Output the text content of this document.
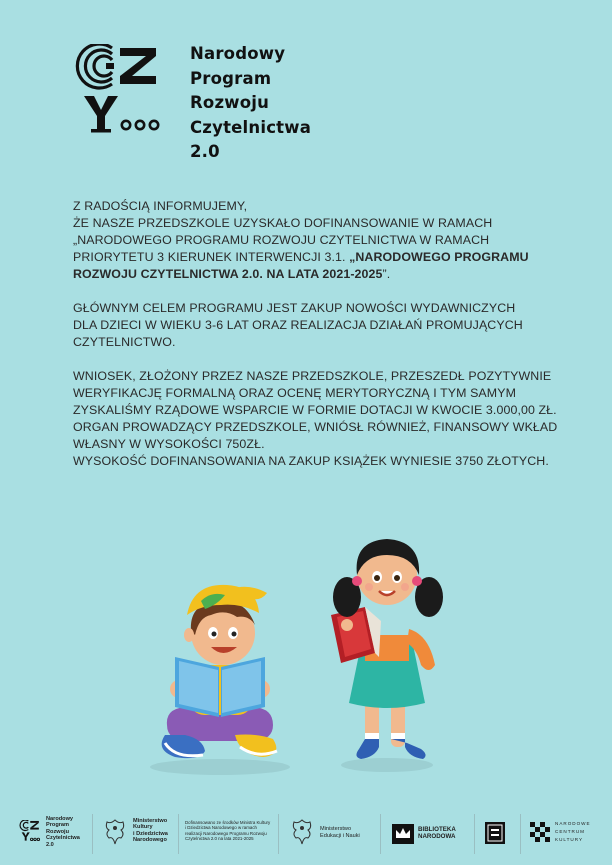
Narodowy
Program
Rozwoju
Czytelnictwa
2.0

Z RADOŚCIĄ INFORMUJEMY,
ŻE NASZE PRZEDSZKOLE UZYSKAŁO DOFINANSOWANIE W RAMACH
„NARODOWEGO PROGRAMU ROZWOJU CZYTELNICTWA W RAMACH
PRIORYTETU 3 KIERUNEK INTERWENCJI 3.1. „NARODOWEGO PROGRAMU
ROZWOJU CZYTELNICTWA 2.0. NA LATA 2021-2025”.

GŁÓWNYM CELEM PROGRAMU JEST ZAKUP NOWOŚCI WYDAWNICZYCH
DLA DZIECI W WIEKU 3-6 LAT ORAZ REALIZACJA DZIAŁAŃ PROMUJĄCYCH
CZYTELNICTWO.

WNIOSEK, ZŁOŻONY PRZEZ NASZE PRZEDSZKOLE, PRZESZEDŁ POZYTYWNIE
WERYFIKACJĘ FORMALNĄ ORAZ OCENĘ MERYTORYCZNĄ I TYM SAMYM
ZYSKALIŚMY RZĄDOWE WSPARCIE W FORMIE DOTACJI W KWOCIE 3.000,00 ZŁ.
ORGAN PROWADZĄCY PRZEDSZKOLE, WNIÓSŁ RÓWNIEŻ, FINANSOWY WKŁAD
WŁASNY W WYSOKOŚCI 750ZŁ.
WYSOKOŚĆ DOFINANSOWANIA NA ZAKUP KSIĄŻEK WYNIESIE 3750 ZŁOTYCH.

Narodowy
Program
Rozwoju
Czytelnictwa
2.0
Ministerstwo
Kultury
i Dziedzictwa
Narodowego
Dofinansowano ze środków Ministra Kultury
i Dziedzictwa Narodowego w ramach
realizacji Narodowego Programu Rozwoju
Czytelnictwa 2.0 na lata 2021-2025
Ministerstwo
Edukacji i Nauki
BIBLIOTEKA
NARODOWA
NARODOWE
CENTRUM
KULTURY
